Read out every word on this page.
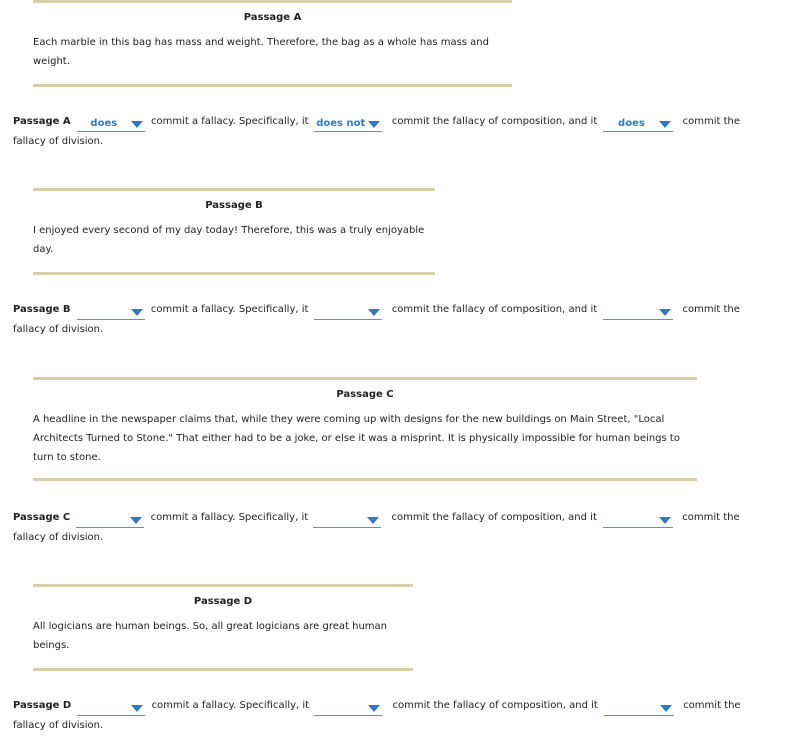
Passage A
Each marble in this bag has mass and weight. Therefore, the bag as a whole has mass and weight.
Passage A does	commit a fallacy. Specifically, it does not	commit the fallacy of composition, and it does	commit the
fallacy of division.
Passage B
I enjoyed every second of my day today! Therefore, this was a truly enjoyable day.
Passage B	commit a fallacy. Specifically, it	commit the fallacy of composition, and it	commit the
fallacy of division.
Passage C
A headline in the newspaper claims that, while they were coming up with designs for the new buildings on Main Street, "Local Architects Turned to Stone." That either had to be a joke, or else it was a misprint. It is physically impossible for human beings to turn to stone.
Passage C	commit a fallacy. Specifically, it	commit the fallacy of composition, and it	commit the
fallacy of division.
Passage D
All logicians are human beings. So, all great logicians are great human beings.
Passage D	commit a fallacy. Specifically, it	commit the fallacy of composition, and it	commit the
fallacy of division.
